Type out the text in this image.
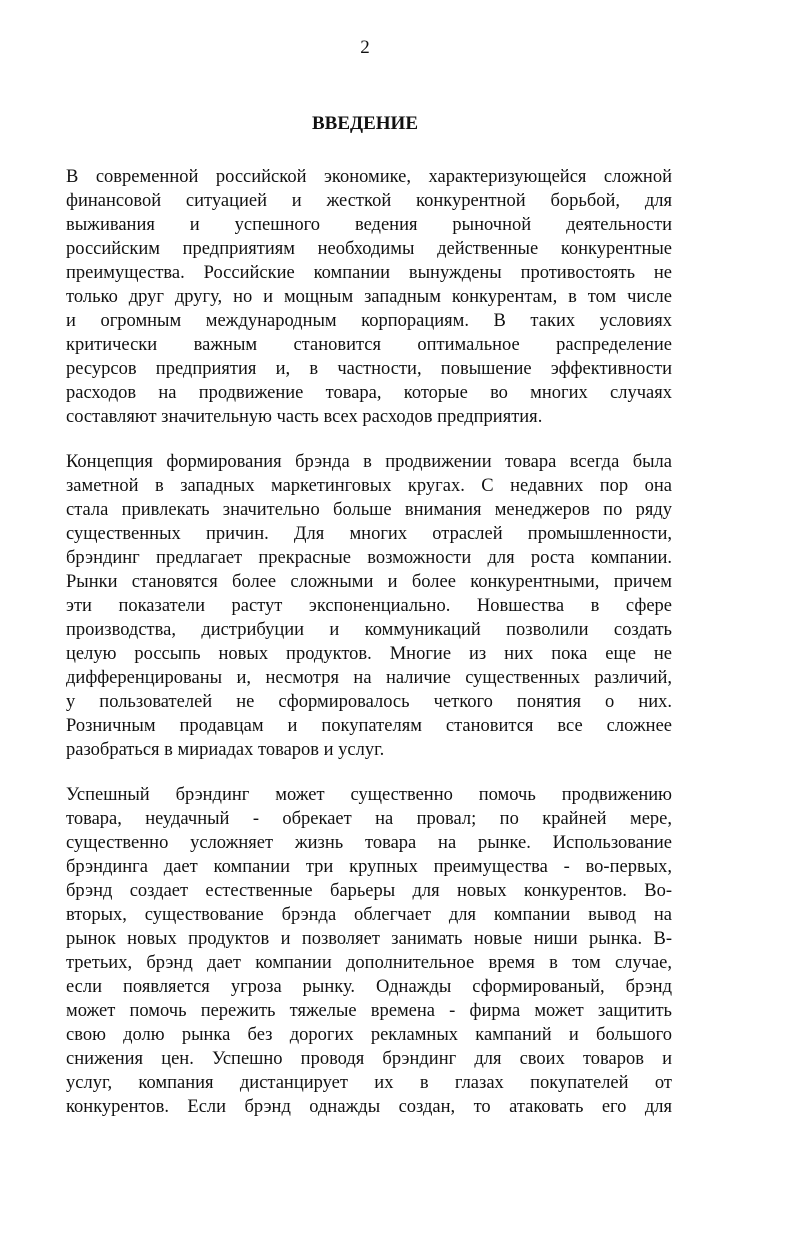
2
ВВЕДЕНИЕ
В современной российской экономике, характеризующейся сложной
финансовой ситуацией и жесткой конкурентной борьбой, для
выживания и успешного ведения рыночной деятельности
российским предприятиям необходимы действенные конкурентные
преимущества. Российские компании вынуждены противостоять не
только друг другу, но и мощным западным конкурентам, в том числе
и огромным международным корпорациям. В таких условиях
критически важным становится оптимальное распределение
ресурсов предприятия и, в частности, повышение эффективности
расходов на продвижение товара, которые во многих случаях
составляют значительную часть всех расходов предприятия.
Концепция формирования брэнда в продвижении товара всегда была
заметной в западных маркетинговых кругах. С недавних пор она
стала привлекать значительно больше внимания менеджеров по ряду
существенных причин. Для многих отраслей промышленности,
брэндинг предлагает прекрасные возможности для роста компании.
Рынки становятся более сложными и более конкурентными, причем
эти показатели растут экспоненциально. Новшества в сфере
производства, дистрибуции и коммуникаций позволили создать
целую россыпь новых продуктов. Многие из них пока еще не
дифференцированы и, несмотря на наличие существенных различий,
у пользователей не сформировалось четкого понятия о них.
Розничным продавцам и покупателям становится все сложнее
разобраться в мириадах товаров и услуг.
Успешный брэндинг может существенно помочь продвижению
товара, неудачный - обрекает на провал; по крайней мере,
существенно усложняет жизнь товара на рынке. Использование
брэндинга дает компании три крупных преимущества - во-первых,
брэнд создает естественные барьеры для новых конкурентов. Во-
вторых, существование брэнда облегчает для компании вывод на
рынок новых продуктов и позволяет занимать новые ниши рынка. В-
третьих, брэнд дает компании дополнительное время в том случае,
если появляется угроза рынку. Однажды сформированый, брэнд
может помочь пережить тяжелые времена - фирма может защитить
свою долю рынка без дорогих рекламных кампаний и большого
снижения цен. Успешно проводя брэндинг для своих товаров и
услуг, компания дистанцирует их в глазах покупателей от
конкурентов. Если брэнд однажды создан, то атаковать его для
